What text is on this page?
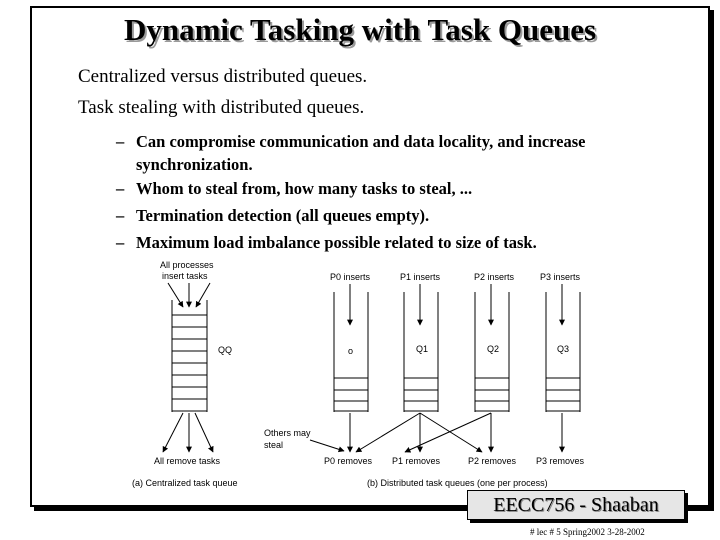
Dynamic Tasking with Task Queues
Centralized versus distributed queues.
Task stealing with distributed queues.
– Can compromise communication and data locality, and increase synchronization.
– Whom to steal from, how many tasks to steal, ...
– Termination detection (all queues empty).
– Maximum load imbalance possible related to size of task.
All processes
insert tasks
QQ
All remove tasks
(a) Centralized task queue
P0 inserts	P1 inserts	P2 inserts	P3 inserts
o	Q1	Q2	Q3
Others may
steal
P0 removes P1 removes	P2 removes P3 removes
(b) Distributed task queues (one per process)
EECC756 - Shaaban
# lec # 5 Spring2002 3-28-2002
